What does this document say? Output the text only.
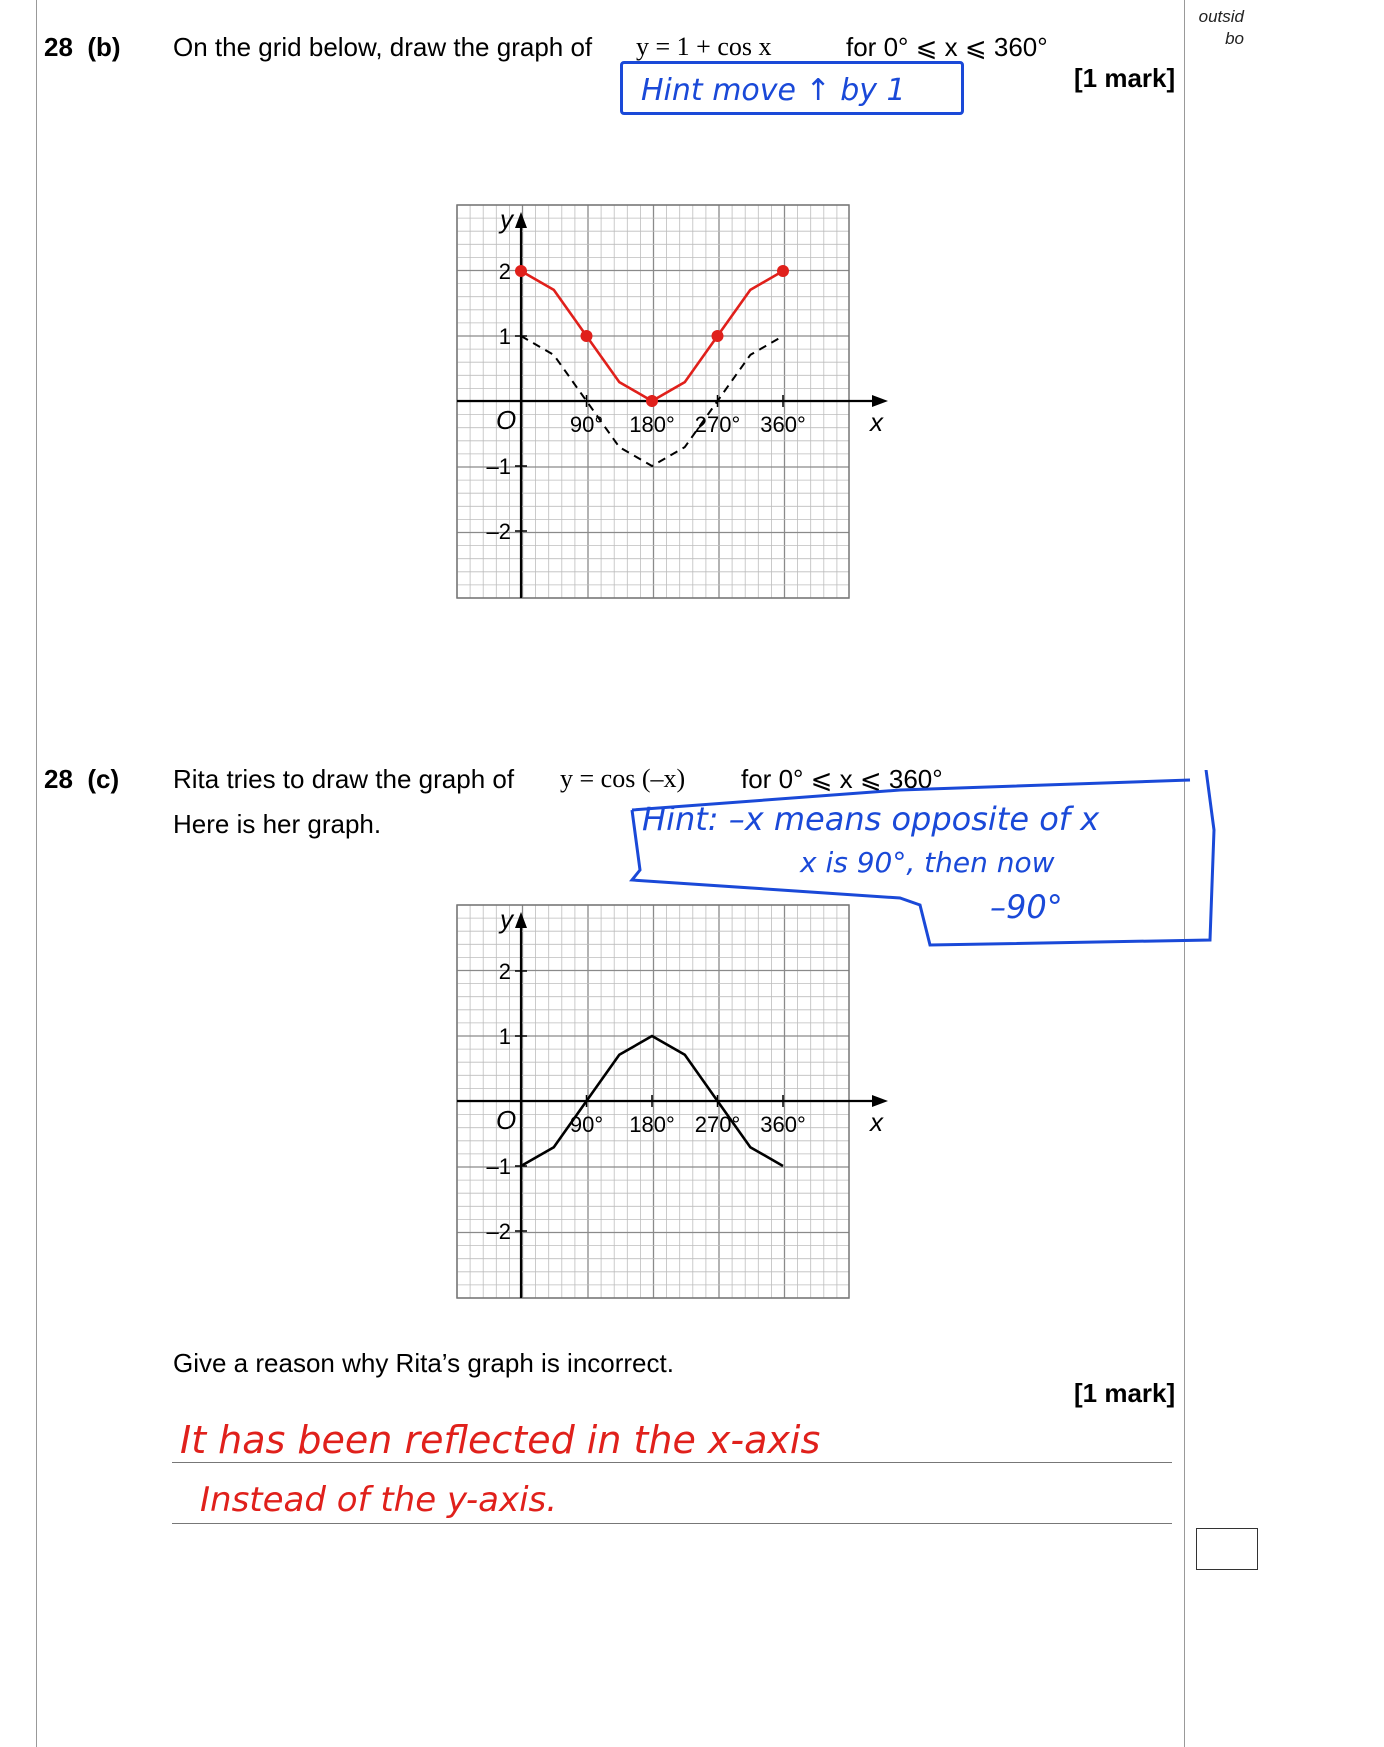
outsid
bo
28 (b) On the grid below, draw the graph of y = 1 + cos x	for 0° ⩽ x ⩽ 360°
[1 mark]
Hint move ↑ by 1
y
x
O 90° 180° 270° 360°
2
1
–1
–2
28 (c) Rita tries to draw the graph of y = cos (–x) for 0° ⩽ x ⩽ 360°
Here is her graph.	Hint: –x means opposite of x
x is 90°, then now
–90°
y
x
O 90° 180° 270° 360°
2
1
–1
–2
Give a reason why Rita’s graph is incorrect.
[1 mark]
It has been reflected in the x-axis
Instead of the y-axis.
